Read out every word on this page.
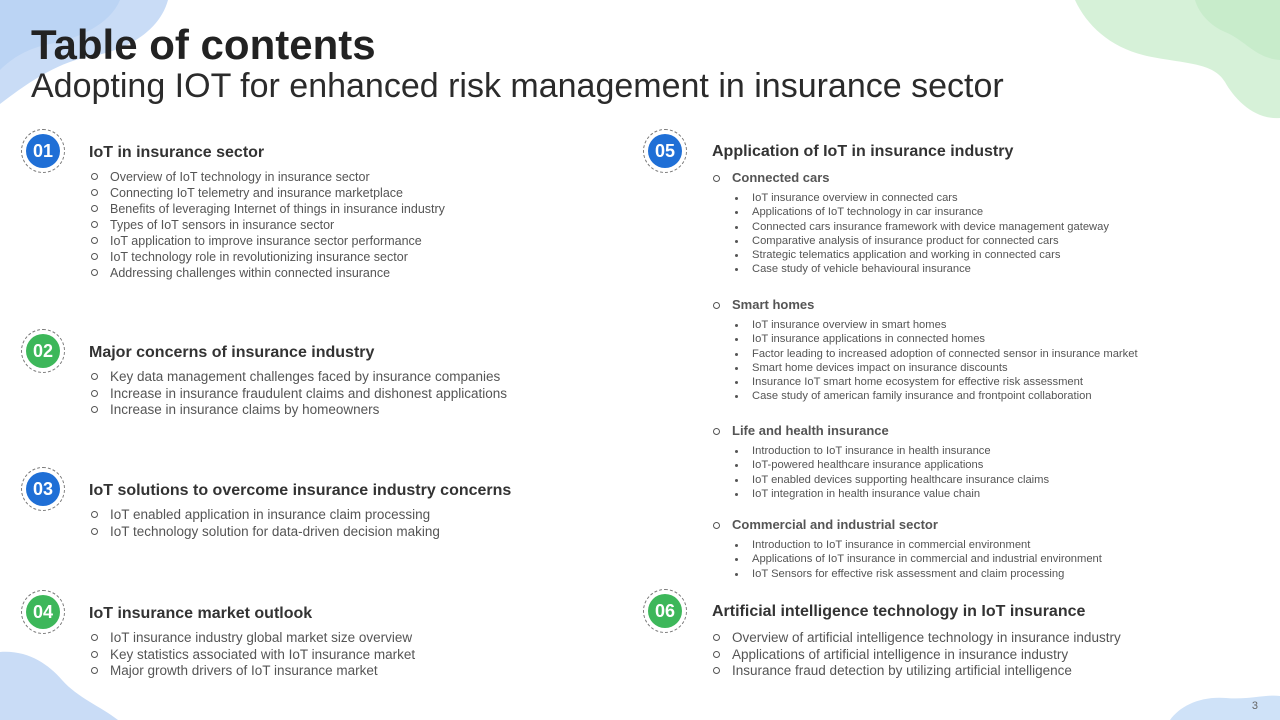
Table of contents
Adopting IOT for enhanced risk management in insurance sector
01	IoT in insurance sector
Overview of IoT technology in insurance sector
Connecting IoT telemetry and insurance marketplace
Benefits of leveraging Internet of things in insurance industry
Types of IoT sensors in insurance sector
IoT application to improve insurance sector performance
IoT technology role in revolutionizing insurance sector
Addressing challenges within connected insurance
02	Major concerns of insurance industry
Key data management challenges faced by insurance companies
Increase in insurance fraudulent claims and dishonest applications
Increase in insurance claims by homeowners
03	IoT solutions to overcome insurance industry concerns
IoT enabled application in insurance claim processing
IoT technology solution for data-driven decision making
04	IoT insurance market outlook
IoT insurance industry global market size overview
Key statistics associated with IoT insurance market
Major growth drivers of IoT insurance market
05	Application of IoT in insurance industry
Connected cars
IoT insurance overview in connected cars
Applications of IoT technology in car insurance
Connected cars insurance framework with device management gateway
Comparative analysis of insurance product for connected cars
Strategic telematics application and working in connected cars
Case study of vehicle behavioural insurance
Smart homes
IoT insurance overview in smart homes
IoT insurance applications in connected homes
Factor leading to increased adoption of connected sensor in insurance market
Smart home devices impact on insurance discounts
Insurance IoT smart home ecosystem for effective risk assessment
Case study of american family insurance and frontpoint collaboration
Life and health insurance
Introduction to IoT insurance in health insurance
IoT-powered healthcare insurance applications
IoT enabled devices supporting healthcare insurance claims
IoT integration in health insurance value chain
Commercial and industrial sector
Introduction to IoT insurance in commercial environment
Applications of IoT insurance in commercial and industrial environment
IoT Sensors for effective risk assessment and claim processing
06	Artificial intelligence technology in IoT insurance
Overview of artificial intelligence technology in insurance industry
Applications of artificial intelligence in insurance industry
Insurance fraud detection by utilizing artificial intelligence
3
